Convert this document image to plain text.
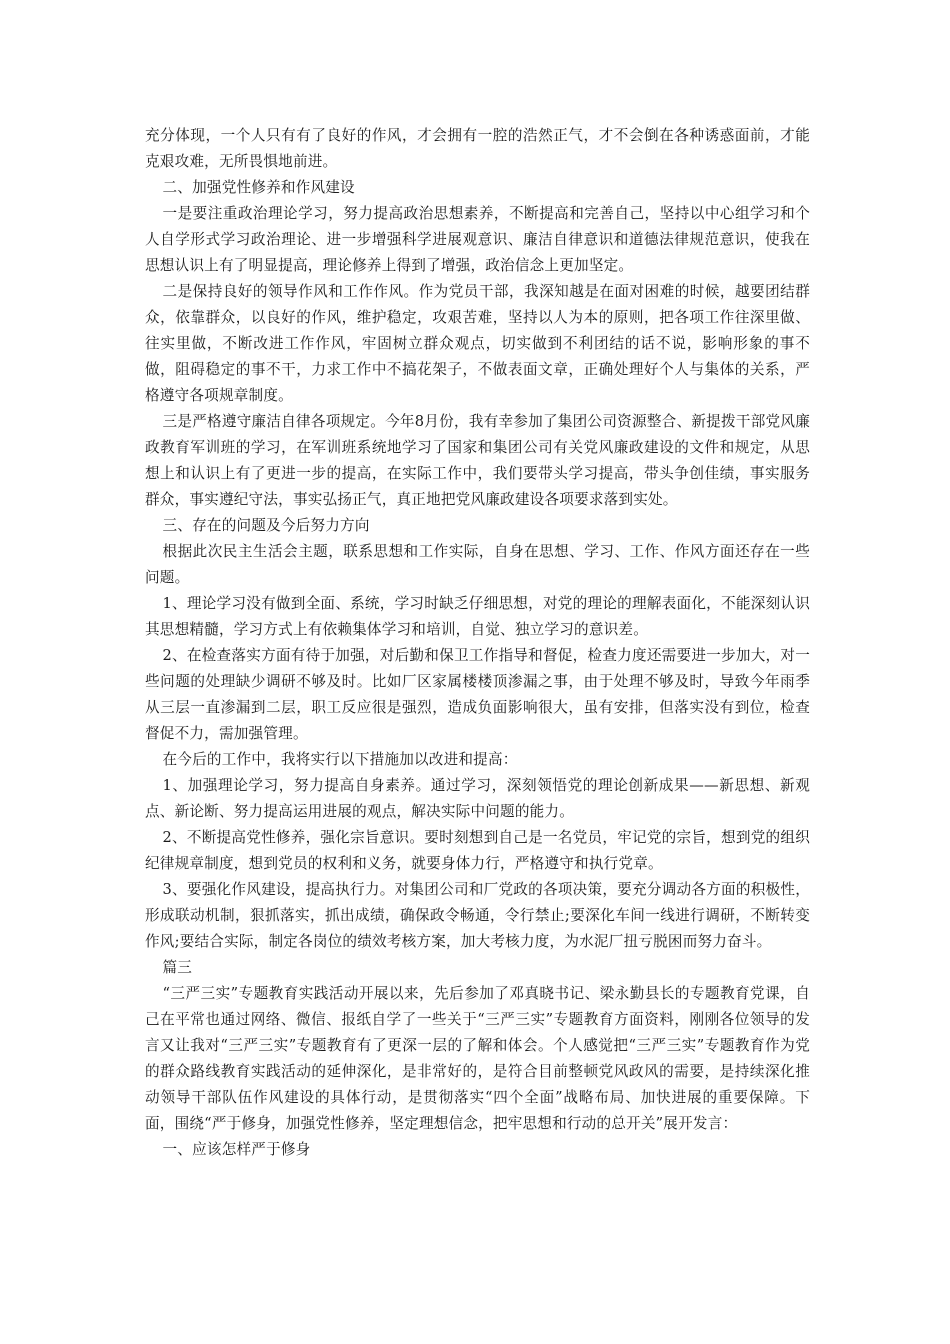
充分体现，一个人只有有了良好的作风，才会拥有一腔的浩然正气，才不会倒在各种诱惑面前，才能克艰攻难，无所畏惧地前进。

二、加强党性修养和作风建设

一是要注重政治理论学习，努力提高政治思想素养，不断提高和完善自己，坚持以中心组学习和个人自学形式学习政治理论、进一步增强科学进展观意识、廉洁自律意识和道德法律规范意识，使我在思想认识上有了明显提高，理论修养上得到了增强，政治信念上更加坚定。

二是保持良好的领导作风和工作作风。作为党员干部，我深知越是在面对困难的时候，越要团结群众，依靠群众，以良好的作风，维护稳定，攻艰苦难，坚持以人为本的原则，把各项工作往深里做、往实里做，不断改进工作作风，牢固树立群众观点，切实做到不利团结的话不说，影响形象的事不做，阻碍稳定的事不干，力求工作中不搞花架子，不做表面文章，正确处理好个人与集体的关系，严格遵守各项规章制度。

三是严格遵守廉洁自律各项规定。今年8月份，我有幸参加了集团公司资源整合、新提拨干部党风廉政教育军训班的学习，在军训班系统地学习了国家和集团公司有关党风廉政建设的文件和规定，从思想上和认识上有了更进一步的提高，在实际工作中，我们要带头学习提高，带头争创佳绩，事实服务群众，事实遵纪守法，事实弘扬正气，真正地把党风廉政建设各项要求落到实处。

三、存在的问题及今后努力方向

根据此次民主生活会主题，联系思想和工作实际，自身在思想、学习、工作、作风方面还存在一些问题。

1、理论学习没有做到全面、系统，学习时缺乏仔细思想，对党的理论的理解表面化，不能深刻认识其思想精髓，学习方式上有依赖集体学习和培训，自觉、独立学习的意识差。

2、在检查落实方面有待于加强，对后勤和保卫工作指导和督促，检查力度还需要进一步加大，对一些问题的处理缺少调研不够及时。比如厂区家属楼楼顶渗漏之事，由于处理不够及时，导致今年雨季从三层一直渗漏到二层，职工反应很是强烈，造成负面影响很大，虽有安排，但落实没有到位，检查督促不力，需加强管理。

在今后的工作中，我将实行以下措施加以改进和提高：

1、加强理论学习，努力提高自身素养。通过学习，深刻领悟党的理论创新成果——新思想、新观点、新论断、努力提高运用进展的观点，解决实际中问题的能力。

2、不断提高党性修养，强化宗旨意识。要时刻想到自己是一名党员，牢记党的宗旨，想到党的组织纪律规章制度，想到党员的权利和义务，就要身体力行，严格遵守和执行党章。

3、要强化作风建设，提高执行力。对集团公司和厂党政的各项决策，要充分调动各方面的积极性，形成联动机制，狠抓落实，抓出成绩，确保政令畅通，令行禁止;要深化车间一线进行调研，不断转变作风;要结合实际，制定各岗位的绩效考核方案，加大考核力度，为水泥厂扭亏脱困而努力奋斗。

篇三

“三严三实”专题教育实践活动开展以来，先后参加了邓真晓书记、梁永勤县长的专题教育党课，自己在平常也通过网络、微信、报纸自学了一些关于“三严三实”专题教育方面资料，刚刚各位领导的发言又让我对“三严三实”专题教育有了更深一层的了解和体会。个人感觉把“三严三实”专题教育作为党的群众路线教育实践活动的延伸深化，是非常好的，是符合目前整顿党风政风的需要，是持续深化推动领导干部队伍作风建设的具体行动，是贯彻落实“四个全面”战略布局、加快进展的重要保障。下面，围绕“严于修身，加强党性修养，坚定理想信念，把牢思想和行动的总开关”展开发言：

一、应该怎样严于修身
